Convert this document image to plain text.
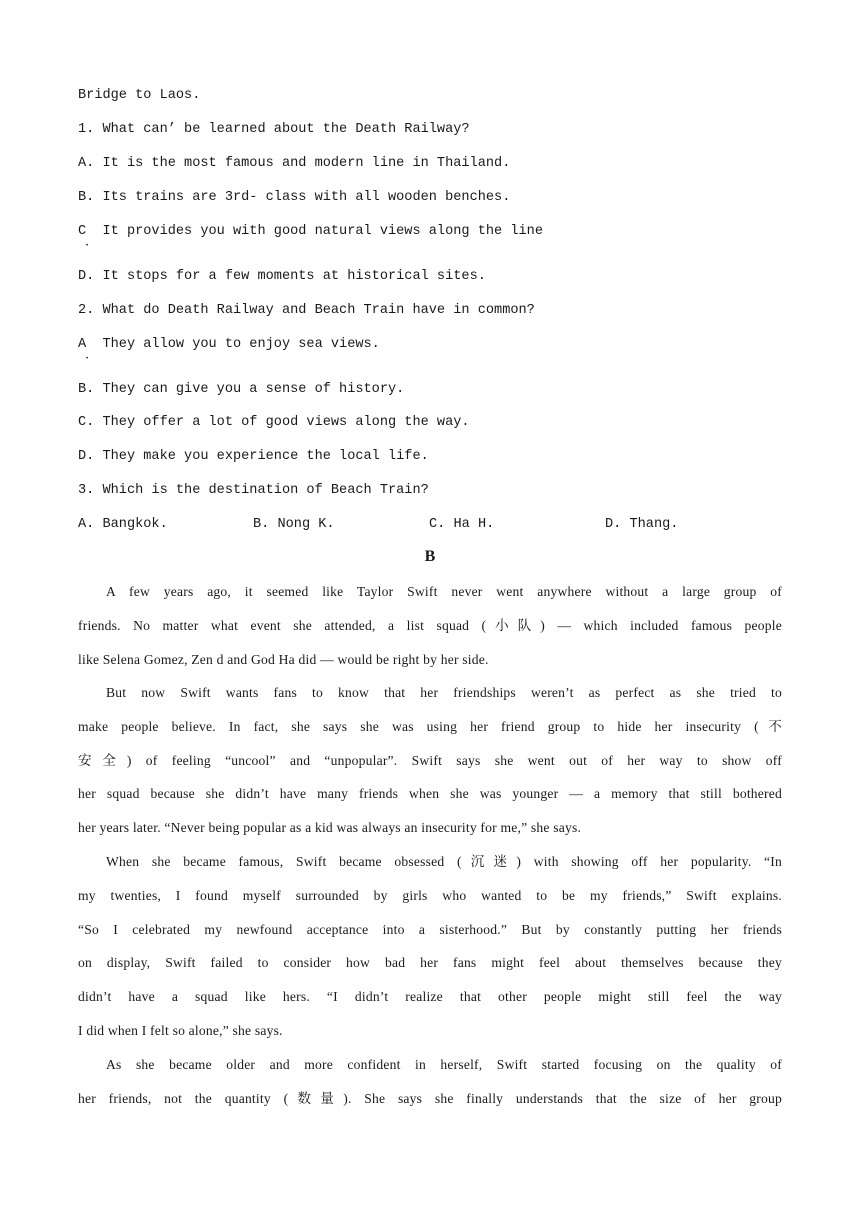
Bridge to Laos.
1. What can’ be learned about the Death Railway?
A. It is the most famous and modern line in Thailand.
B. Its trains are 3rd- class with all wooden benches.
C  It provides you with good natural views along the line
·
D. It stops for a few moments at historical sites.
2. What do Death Railway and Beach Train have in common?
A  They allow you to enjoy sea views.
·
B. They can give you a sense of history.
C. They offer a lot of good views along the way.
D. They make you experience the local life.
3. Which is the destination of Beach Train?
A. Bangkok.	B. Nong K.	C. Ha H.	D. Thang.
B
A few years ago, it seemed like Taylor Swift never went anywhere without a large group of
friends. No matter what event she attended, a list squad (小队) — which included famous people
like Selena Gomez, Zen d and God Ha did — would be right by her side.
But now Swift wants fans to know that her friendships weren’t as perfect as she tried to
make people believe. In fact, she says she was using her friend group to hide her insecurity (不
安全) of feeling “uncool” and “unpopular”. Swift says she went out of her way to show off
her squad because she didn’t have many friends when she was younger — a memory that still bothered
her years later. “Never being popular as a kid was always an insecurity for me,” she says.
When she became famous, Swift became obsessed (沉迷) with showing off her popularity. “In
my twenties, I found myself surrounded by girls who wanted to be my friends,” Swift explains.
“So I celebrated my newfound acceptance into a sisterhood.” But by constantly putting her friends
on display, Swift failed to consider how bad her fans might feel about themselves because they
didn’t have a squad like hers. “I didn’t realize that other people might still feel the way
I did when I felt so alone,” she says.
As she became older and more confident in herself, Swift started focusing on the quality of
her friends, not the quantity (数量). She says she finally understands that the size of her group
